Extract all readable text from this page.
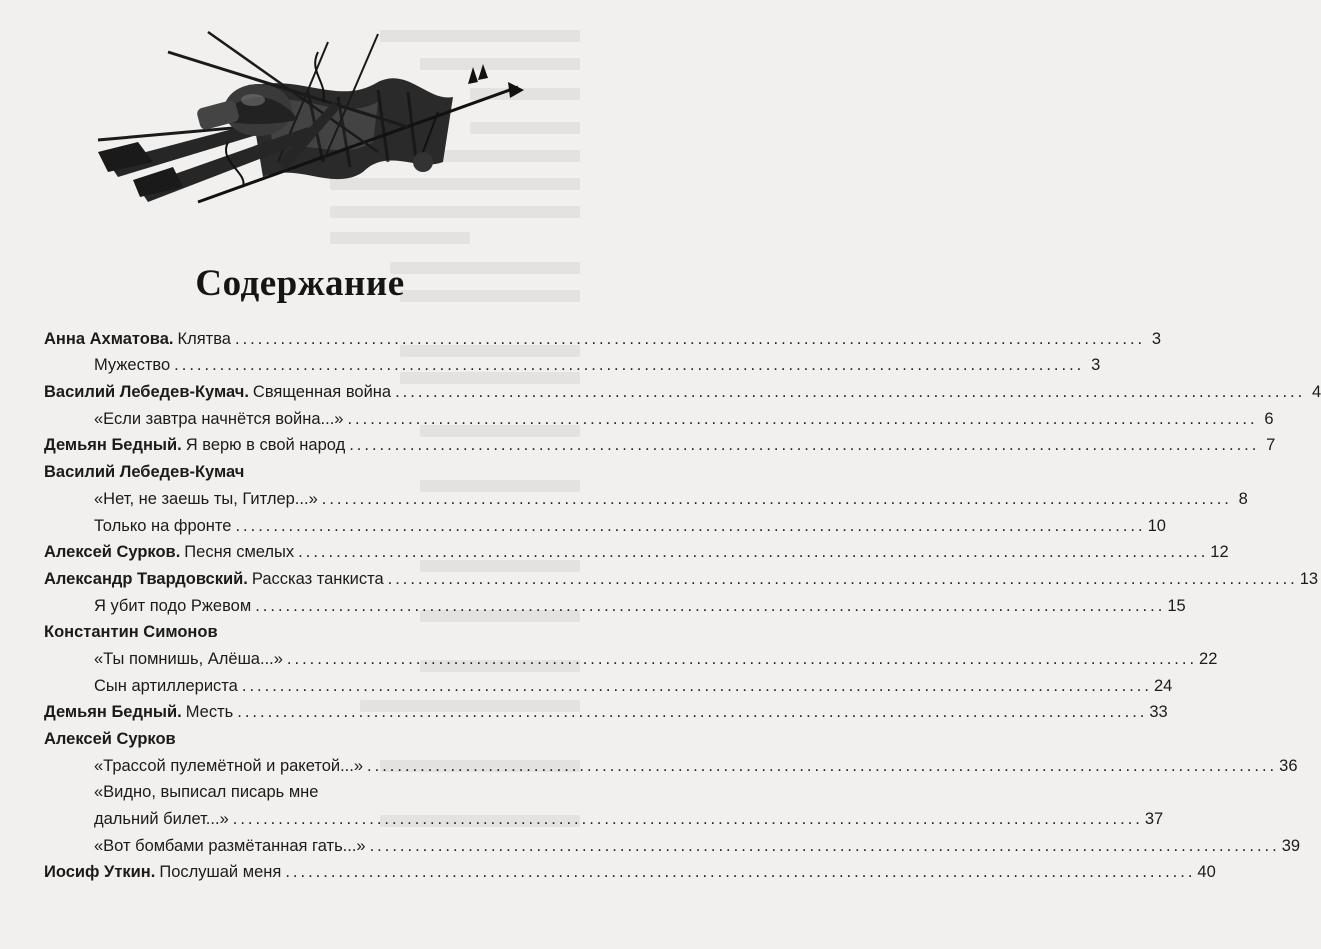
Содержание
Анна Ахматова. Клятва ........................................................................................................................ 3
Мужество ........................................................................................................................ 3
Василий Лебедев-Кумач. Священная война ........................................................................................................................ 4
«Если завтра начнётся война...» ........................................................................................................................ 6
Демьян Бедный. Я верю в свой народ ........................................................................................................................ 7
Василий Лебедев-Кумач
«Нет, не заешь ты, Гитлер...» ........................................................................................................................ 8
Только на фронте ........................................................................................................................ 10
Алексей Сурков. Песня смелых ........................................................................................................................ 12
Александр Твардовский. Рассказ танкиста ........................................................................................................................ 13
Я убит подо Ржевом ........................................................................................................................ 15
Константин Симонов
«Ты помнишь, Алёша...» ........................................................................................................................ 22
Сын артиллериста ........................................................................................................................ 24
Демьян Бедный. Месть ........................................................................................................................ 33
Алексей Сурков
«Трассой пулемётной и ракетой...» ........................................................................................................................ 36
«Видно, выписал писарь мне
дальний билет...» ........................................................................................................................ 37
«Вот бомбами размётанная гать...» ........................................................................................................................ 39
Иосиф Уткин. Послушай меня ........................................................................................................................ 40
